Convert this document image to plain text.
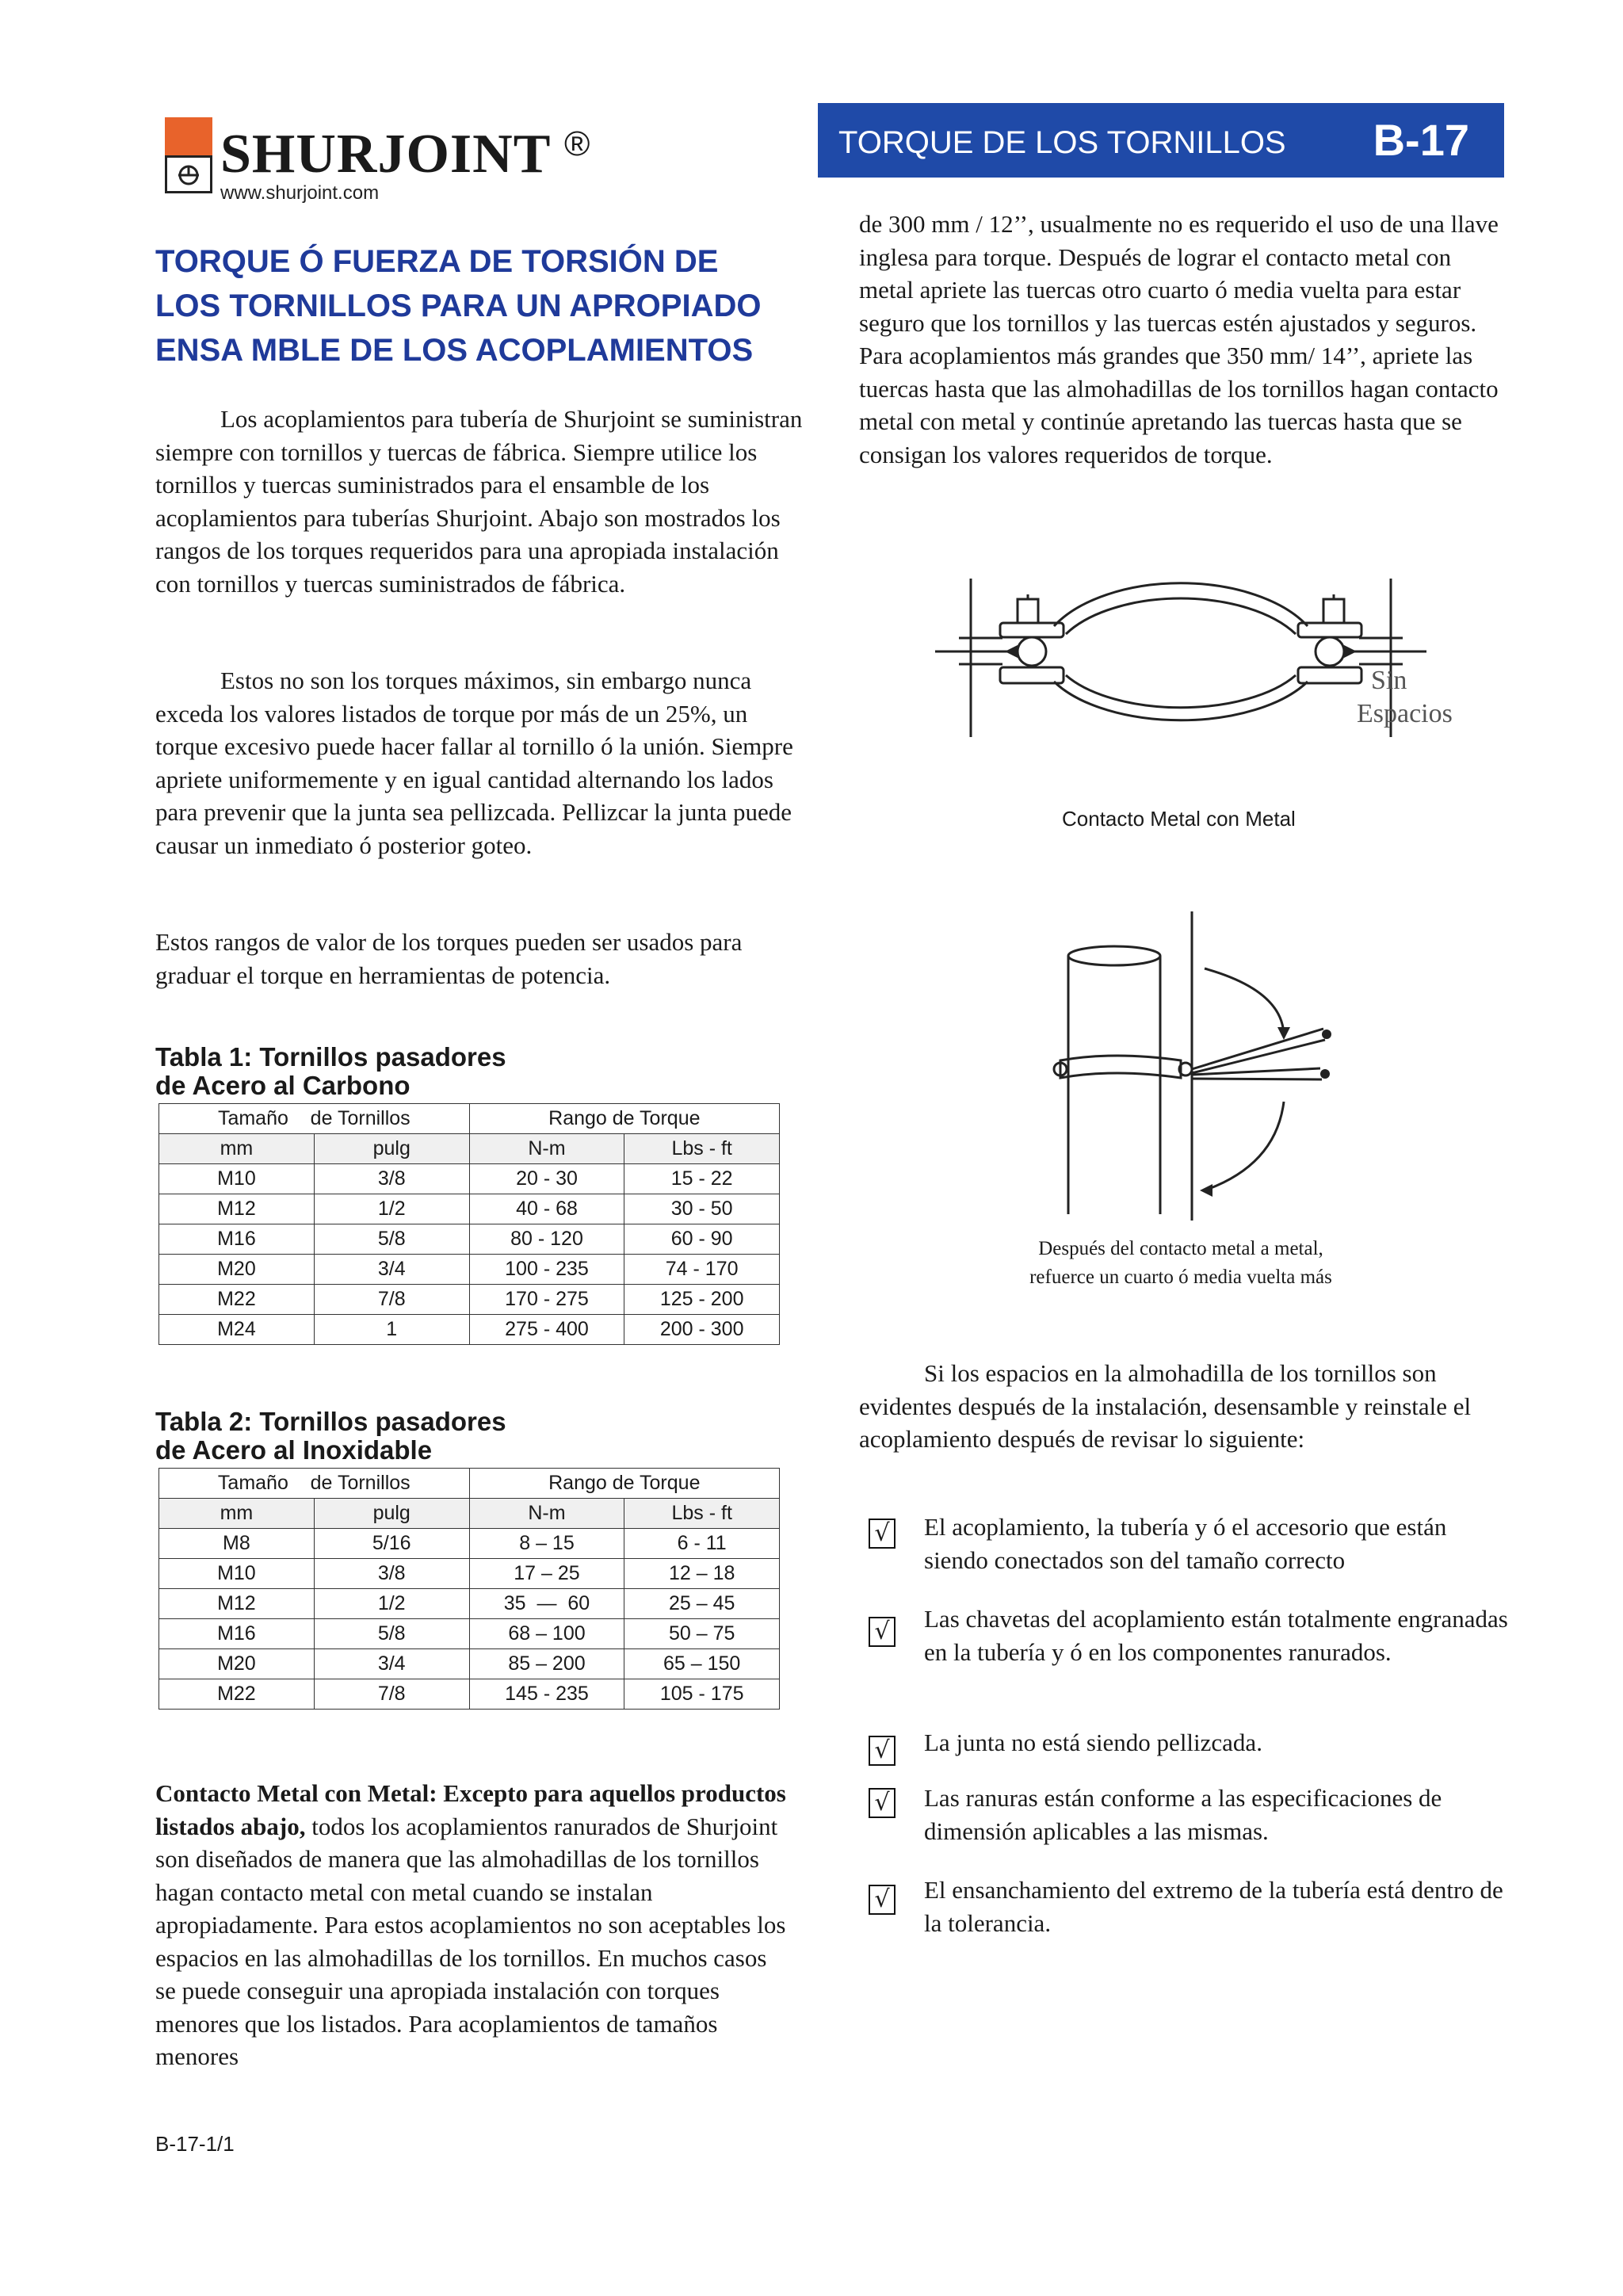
SHURJOINT ®
www.shurjoint.com
TORQUE DE LOS TORNILLOS B-17
TORQUE Ó FUERZA DE TORSIÓN DE
LOS TORNILLOS PARA UN APROPIADO
ENSA MBLE DE LOS ACOPLAMIENTOS
Los acoplamientos para tubería de Shurjoint se suministran siempre con tornillos y tuercas de fábrica. Siempre utilice los tornillos y tuercas suministrados para el ensamble de los acoplamientos para tuberías Shurjoint. Abajo son mostrados los rangos de los torques requeridos para una apropiada instalación con tornillos y tuercas suministrados de fábrica.
Estos no son los torques máximos, sin embargo nunca exceda los valores listados de torque por más de un 25%, un torque excesivo puede hacer fallar al tornillo ó la unión. Siempre apriete uniformemente y en igual cantidad alternando los lados para prevenir que la junta sea pellizcada. Pellizcar la junta puede causar un inmediato ó posterior goteo.
Estos rangos de valor de los torques pueden ser usados para graduar el torque en herramientas de potencia.
Tabla 1: Tornillos pasadores
de Acero al Carbono
Tamaño    de Tornillos		Rango de Torque	
mm	pulg	N-m	Lbs - ft
M10	3/8	20 - 30	15 - 22
M12	1/2	40 - 68	30 - 50
M16	5/8	80 - 120	60 - 90
M20	3/4	100 - 235	74 - 170
M22	7/8	170 - 275	125 - 200
M24	1	275 - 400	200 - 300
Tabla 2: Tornillos pasadores
de Acero al Inoxidable
Tamaño    de Tornillos		Rango de Torque	
mm	pulg	N-m	Lbs - ft
M8	5/16	8 – 15	6 - 11
M10	3/8	17 – 25	12 – 18
M12	1/2	35  ―  60	25 – 45
M16	5/8	68 – 100	50 – 75
M20	3/4	85 – 200	65 – 150
M22	7/8	145 - 235	105 - 175
Contacto Metal con Metal: Excepto para aquellos productos listados abajo, todos los acoplamientos ranurados de Shurjoint son diseñados de manera que las almohadillas de los tornillos hagan contacto metal con metal cuando se instalan apropiadamente. Para estos acoplamientos no son aceptables los espacios en las almohadillas de los tornillos. En muchos casos se puede conseguir una apropiada instalación con torques menores que los listados. Para acoplamientos de tamaños menores
de 300 mm / 12’’, usualmente no es requerido el uso de una llave inglesa para torque. Después de lograr el contacto metal con metal apriete las tuercas otro cuarto ó media vuelta para estar seguro que los tornillos y las tuercas estén ajustados y seguros. Para acoplamientos más grandes que 350 mm/ 14’’, apriete las tuercas hasta que las almohadillas de los tornillos hagan contacto metal con metal y continúe apretando las tuercas hasta que se consigan los valores requeridos de torque.
Sin
Espacios
Contacto Metal con Metal
Después del contacto metal a metal,
refuerce un cuarto ó media vuelta más
Si los espacios en la almohadilla de los tornillos son evidentes después de la instalación, desensamble y reinstale el acoplamiento después de revisar lo siguiente:
√ El acoplamiento, la tubería y ó el accesorio que están siendo conectados son del tamaño correcto
√ Las chavetas del acoplamiento están totalmente engranadas en la tubería y ó en los componentes ranurados.
√ La junta no está siendo pellizcada.
√ Las ranuras están conforme a las especificaciones de dimensión aplicables a las mismas.
√ El ensanchamiento del extremo de la tubería está dentro de la tolerancia.
B-17-1/1
